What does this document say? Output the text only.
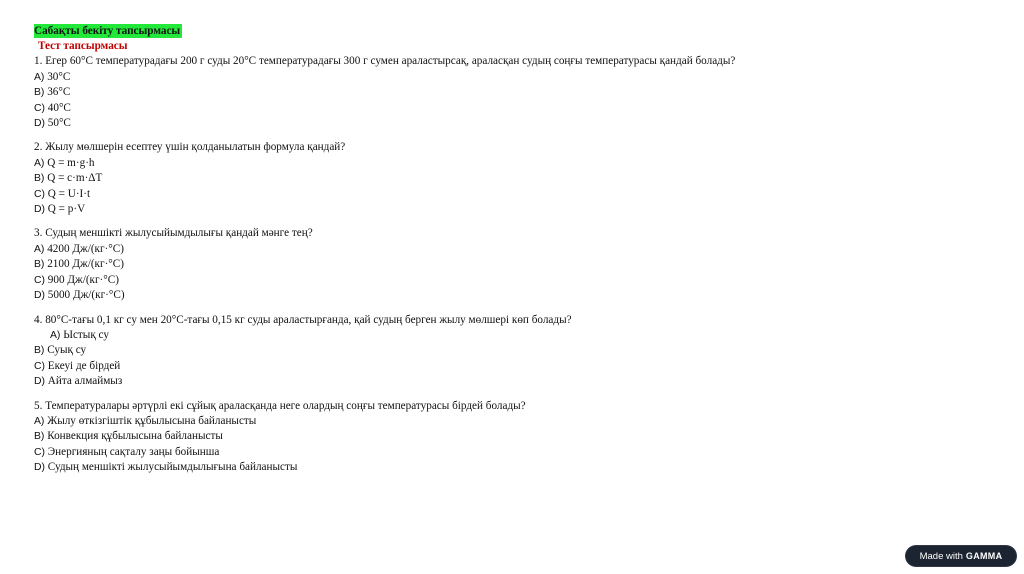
Сабақты бекіту тапсырмасы
Тест тапсырмасы
1. Егер 60°C температурадағы 200 г суды 20°C температурадағы 300 г сумен араластырсақ, араласқан судың соңғы температурасы қандай болады?
A) 30°C
B) 36°C
C) 40°C
D) 50°C
2. Жылу мөлшерін есептеу үшін қолданылатын формула қандай?
A) Q = m·g·h
B) Q = c·m·ΔT
C) Q = U·I·t
D) Q = p·V
3. Судың меншікті жылусыйымдылығы қандай мәнге тең?
A) 4200 Дж/(кг·°C)
B) 2100 Дж/(кг·°C)
C) 900 Дж/(кг·°C)
D) 5000 Дж/(кг·°C)
4. 80°C-тағы 0,1 кг су мен 20°C-тағы 0,15 кг суды араластырғанда, қай судың берген жылу мөлшері көп болады?
A) Ыстық су
B) Суық су
C) Екеуі де бірдей
D) Айта алмаймыз
5. Температуралары әртүрлі екі сұйық араласқанда неге олардың соңғы температурасы бірдей болады?
A) Жылу өткізгіштік құбылысына байланысты
B) Конвекция құбылысына байланысты
C) Энергияның сақталу заңы бойынша
D) Судың меншікті жылусыйымдылығына байланысты
Made with GAMMA
